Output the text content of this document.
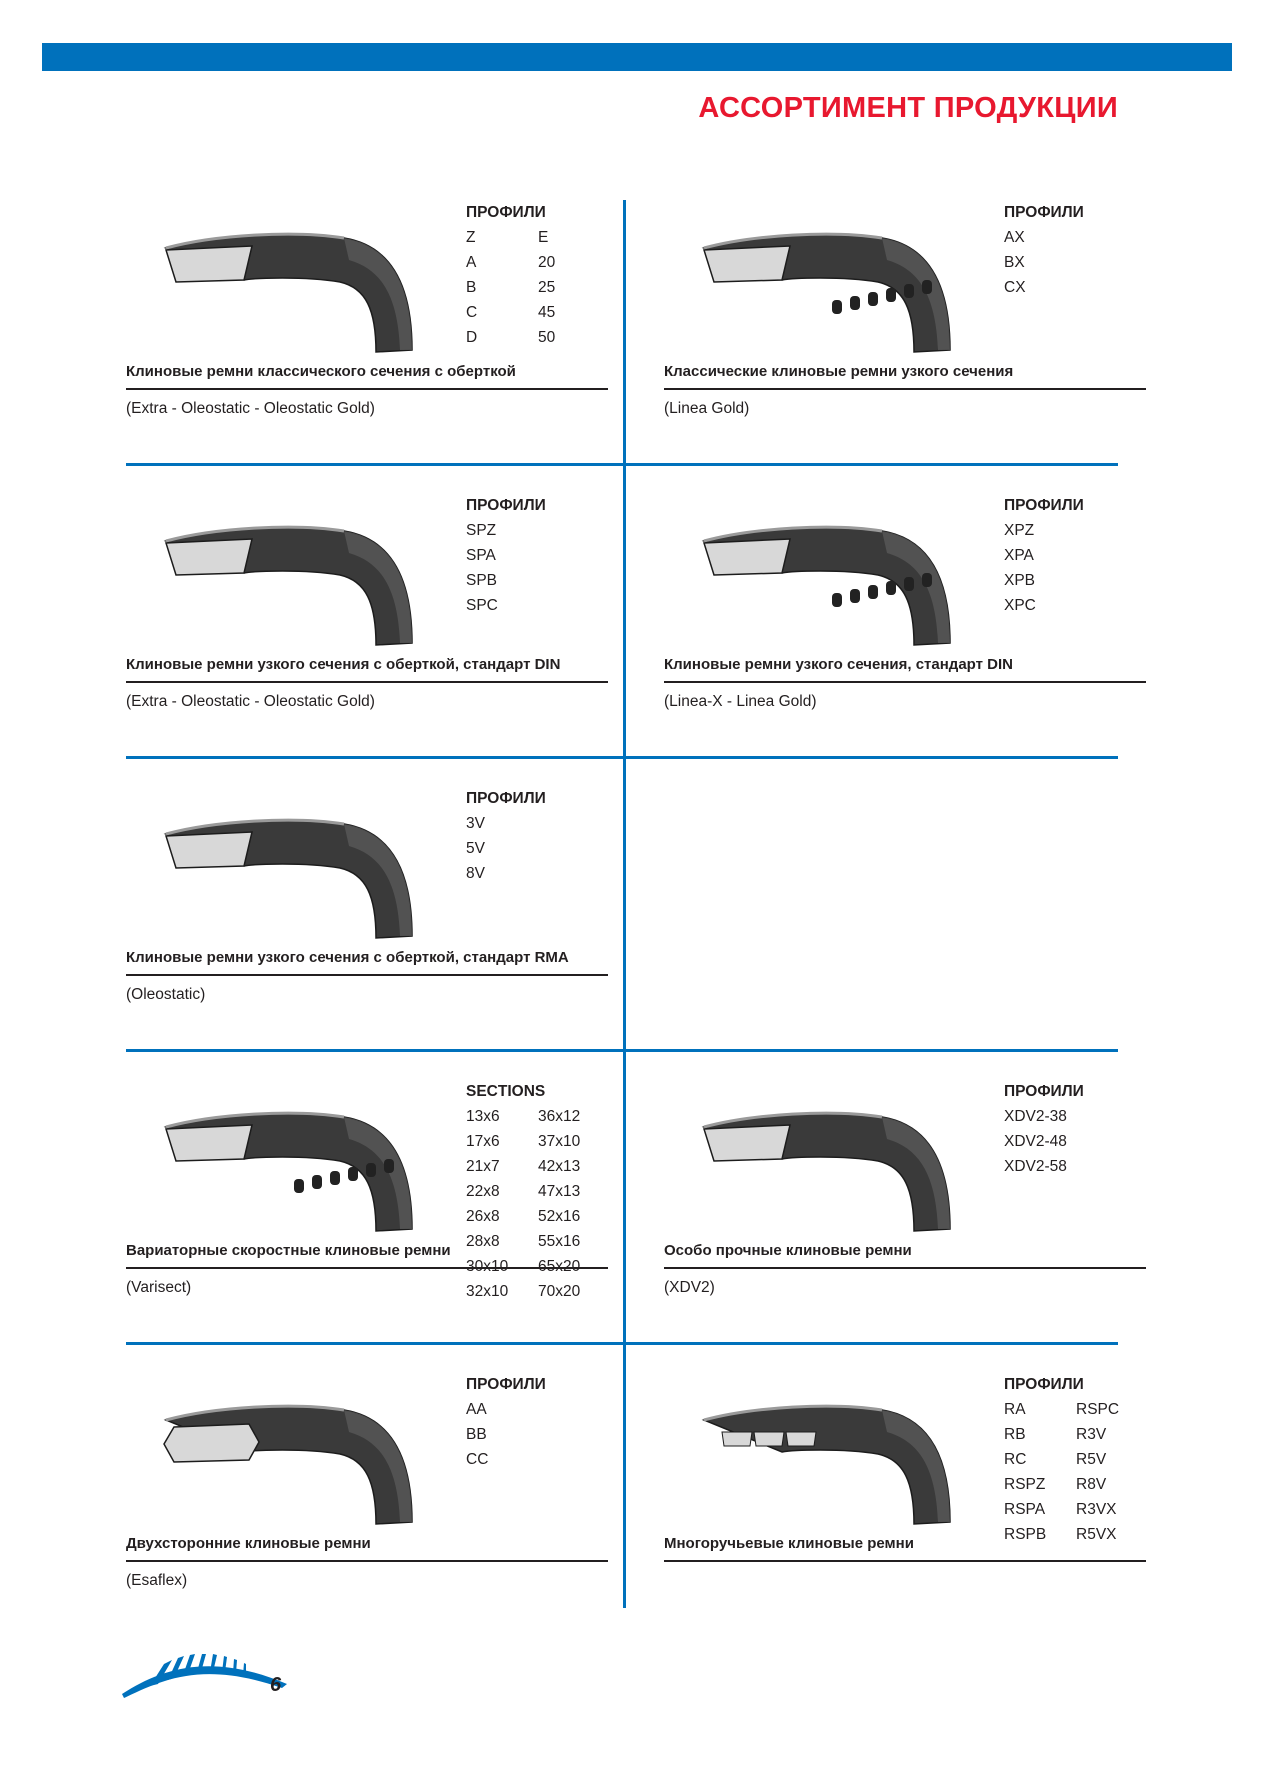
АССОРТИМЕНТ ПРОДУКЦИИ
ПРОФИЛИ
Z	E
A	20
B	25
C	45
D	50
Клиновые ремни классического сечения с оберткой
(Extra - Oleostatic - Oleostatic Gold)
ПРОФИЛИ
AX
BX
CX
Классические клиновые ремни узкого сечения
(Linea Gold)
ПРОФИЛИ
SPZ
SPA
SPB
SPC
Клиновые ремни узкого сечения с оберткой, стандарт DIN
(Extra - Oleostatic - Oleostatic Gold)
ПРОФИЛИ
XPZ
XPA
XPB
XPC
Клиновые ремни узкого сечения, стандарт DIN
(Linea-X - Linea Gold)
ПРОФИЛИ
3V
5V
8V
Клиновые ремни узкого сечения с оберткой, стандарт RMA
(Oleostatic)
SECTIONS
13x6	36x12
17x6	37x10
21x7	42x13
22x8	47x13
26x8	52x16
28x8	55x16
30x10	65x20
32x10	70x20
Вариаторные скоростные клиновые ремни
(Varisect)
ПРОФИЛИ
XDV2-38
XDV2-48
XDV2-58
Особо прочные клиновые ремни
(XDV2)
ПРОФИЛИ
AA
BB
CC
Двухсторонние клиновые ремни
(Esaflex)
ПРОФИЛИ
RA	RSPC
RB	R3V
RC	R5V
RSPZ	R8V
RSPA	R3VX
RSPB	R5VX
Многоручьевые клиновые ремни
6
